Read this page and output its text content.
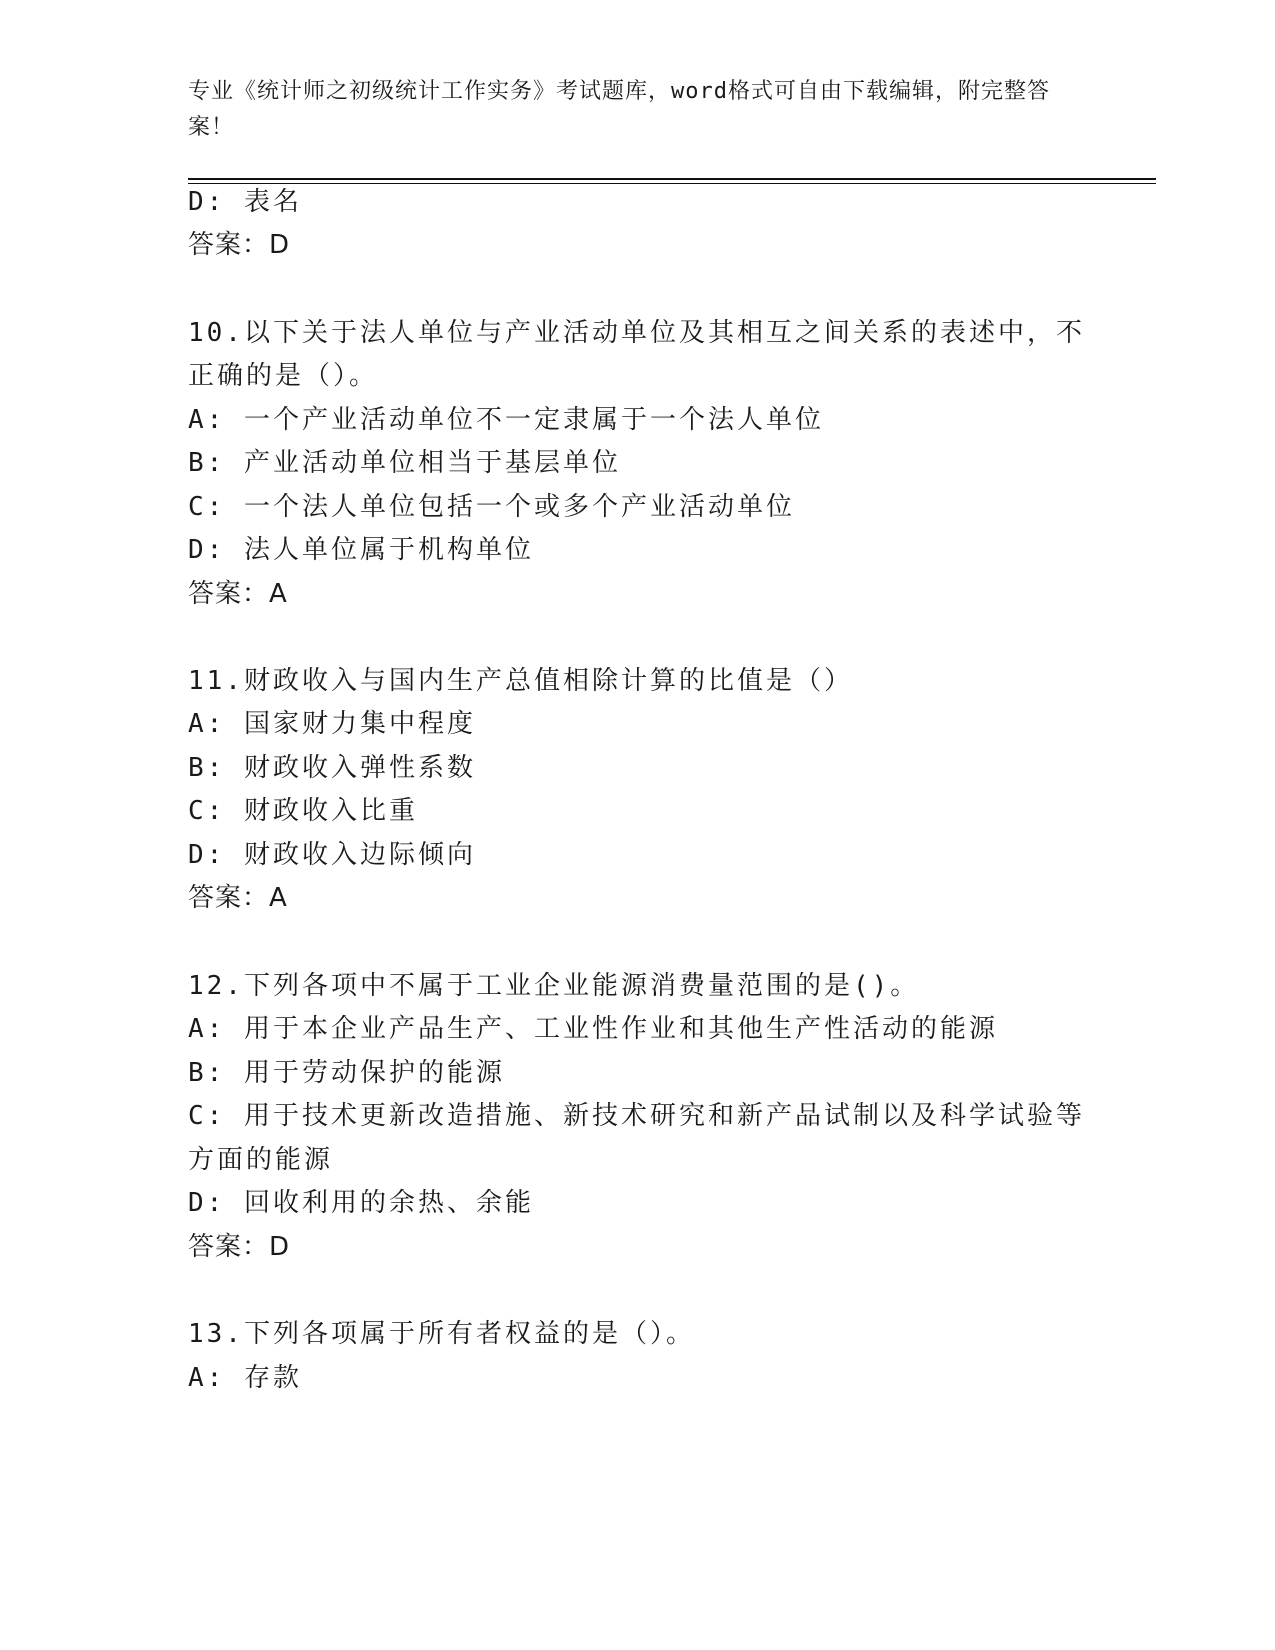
专业《统计师之初级统计工作实务》考试题库，word格式可自由下载编辑，附完整答案！
D: 表名
答案：D
10.以下关于法人单位与产业活动单位及其相互之间关系的表述中，不
正确的是（）。
A: 一个产业活动单位不一定隶属于一个法人单位
B: 产业活动单位相当于基层单位
C: 一个法人单位包括一个或多个产业活动单位
D: 法人单位属于机构单位
答案：A
11.财政收入与国内生产总值相除计算的比值是（）
A: 国家财力集中程度
B: 财政收入弹性系数
C: 财政收入比重
D: 财政收入边际倾向
答案：A
12.下列各项中不属于工业企业能源消费量范围的是()。
A: 用于本企业产品生产、工业性作业和其他生产性活动的能源
B: 用于劳动保护的能源
C: 用于技术更新改造措施、新技术研究和新产品试制以及科学试验等
方面的能源
D: 回收利用的余热、余能
答案：D
13.下列各项属于所有者权益的是（）。
A: 存款
